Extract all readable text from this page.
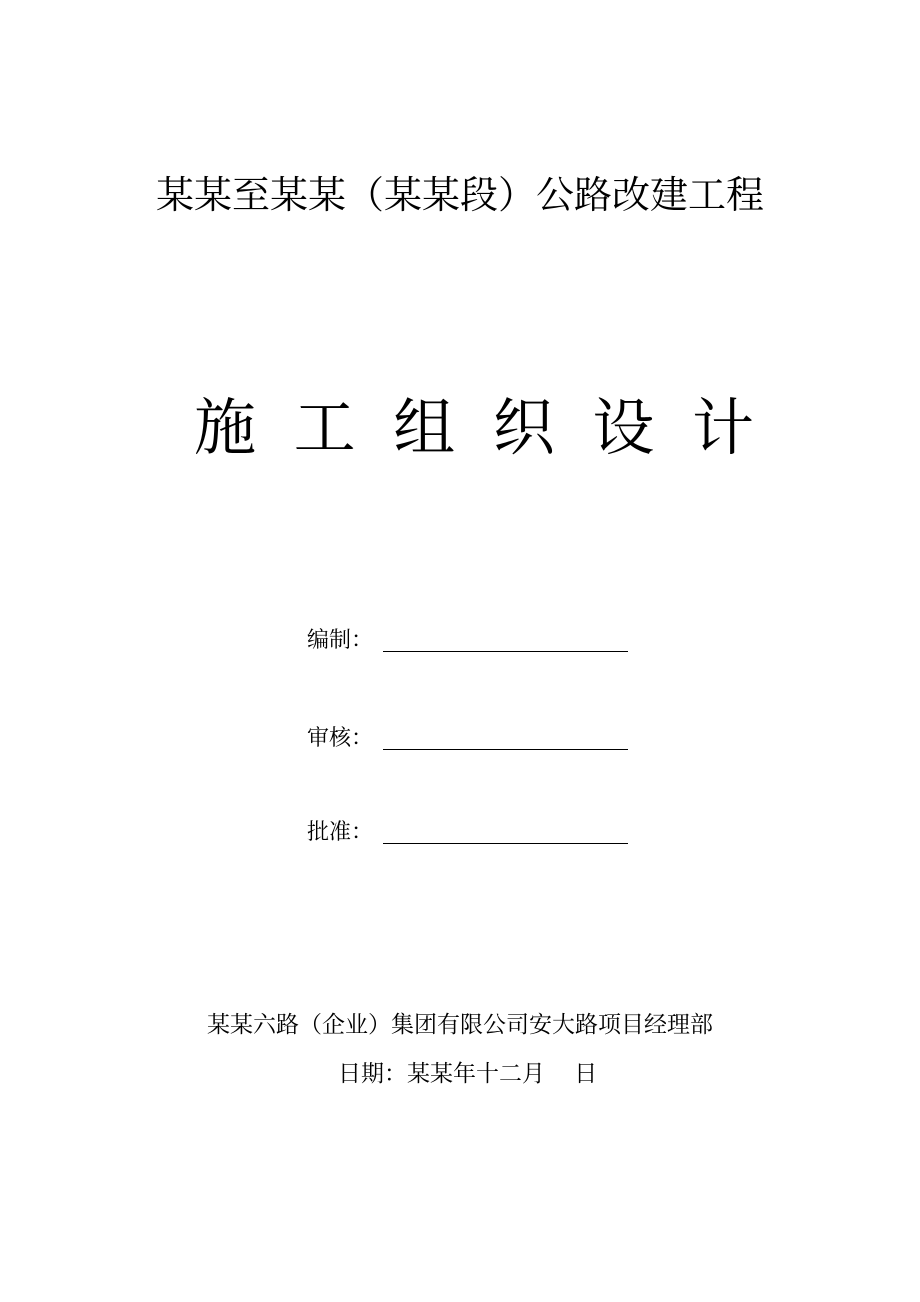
某某至某某（某某段）公路改建工程
施 工 组 织 设 计
编制：
审核：
批准：
某某六路（企业）集团有限公司安大路项目经理部
日期：某某年十二月    日
